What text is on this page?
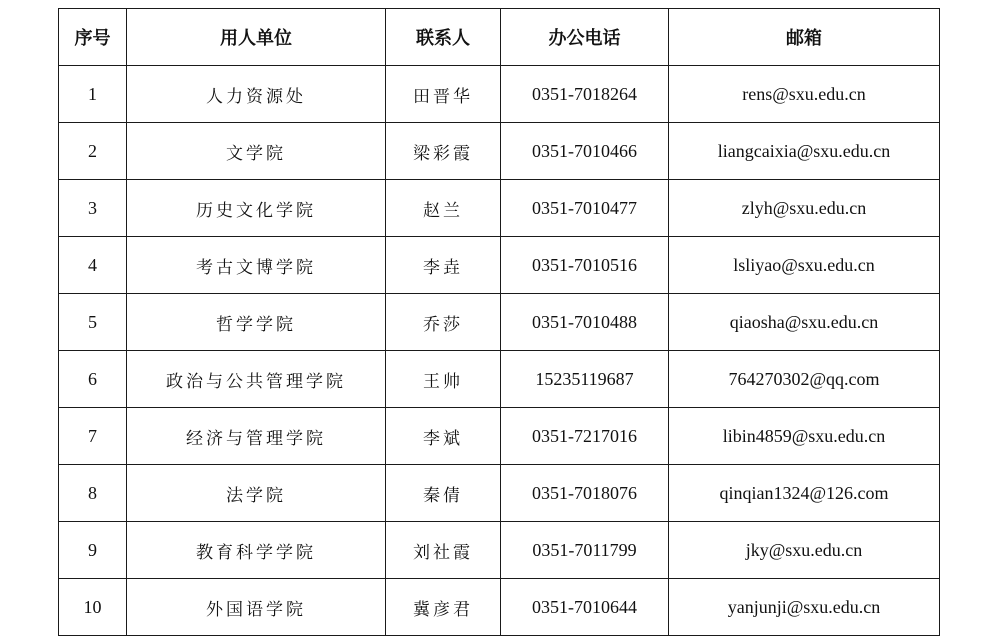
序号	用人单位	联系人	办公电话	邮箱
1	人力资源处	田晋华	0351-7018264	rens@sxu.edu.cn
2	文学院	梁彩霞	0351-7010466	liangcaixia@sxu.edu.cn
3	历史文化学院	赵兰	0351-7010477	zlyh@sxu.edu.cn
4	考古文博学院	李垚	0351-7010516	lsliyao@sxu.edu.cn
5	哲学学院	乔莎	0351-7010488	qiaosha@sxu.edu.cn
6	政治与公共管理学院	王帅	15235119687	764270302@qq.com
7	经济与管理学院	李斌	0351-7217016	libin4859@sxu.edu.cn
8	法学院	秦倩	0351-7018076	qinqian1324@126.com
9	教育科学学院	刘社霞	0351-7011799	jky@sxu.edu.cn
10	外国语学院	冀彦君	0351-7010644	yanjunji@sxu.edu.cn
